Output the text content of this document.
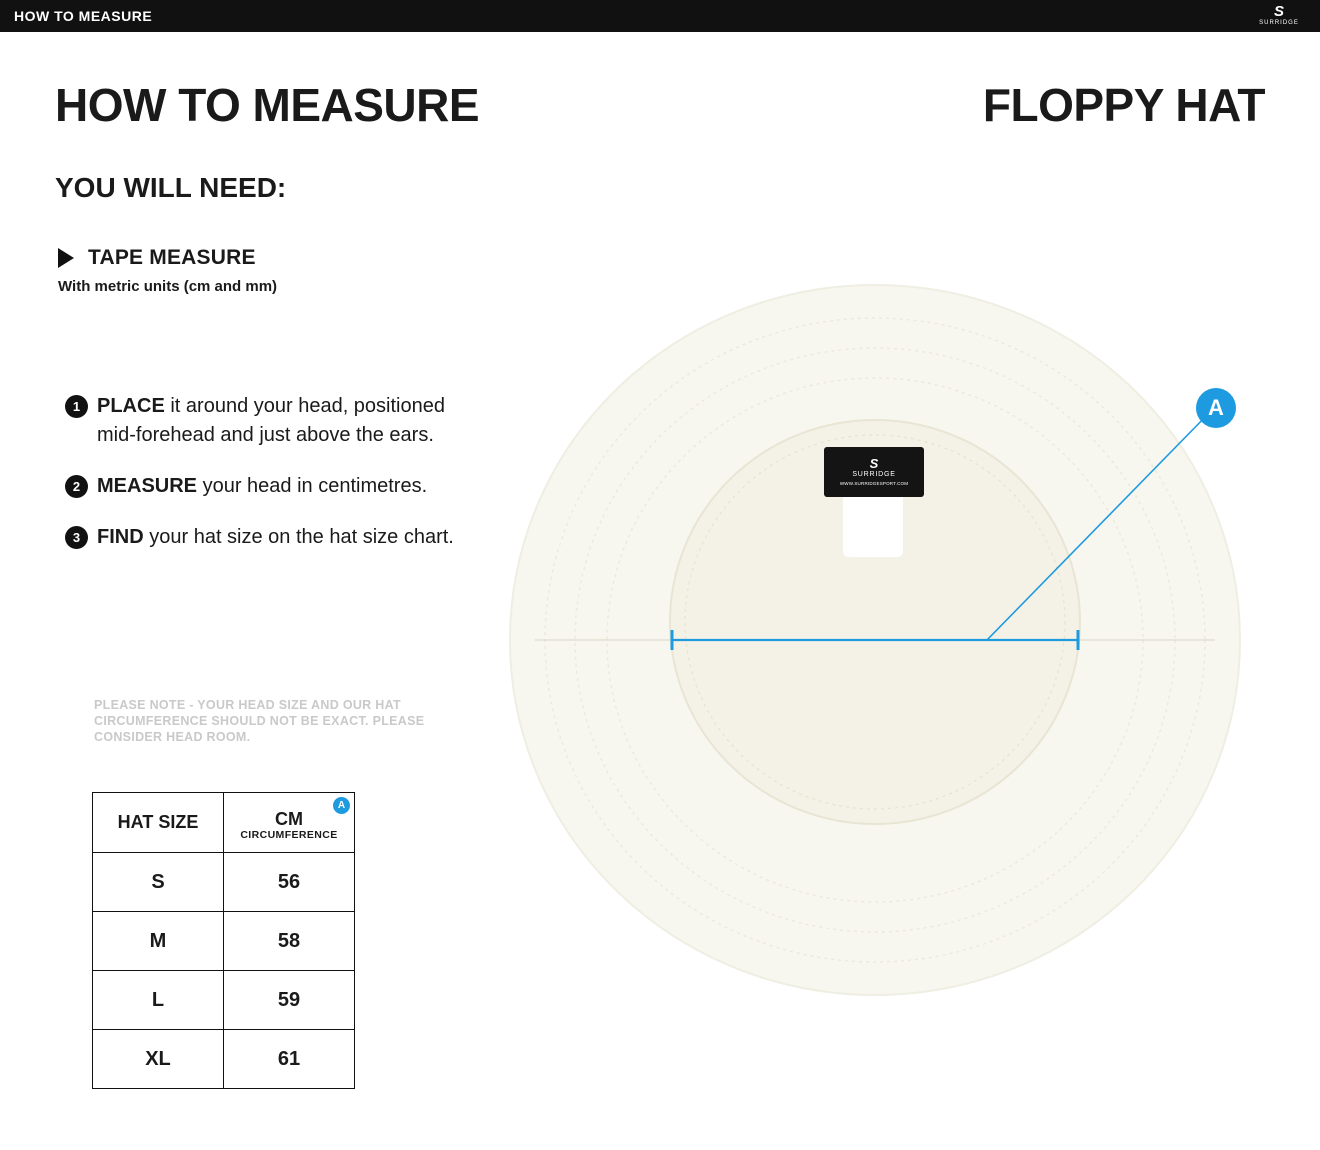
HOW TO MEASURE	S
SURRIDGE
HOW TO MEASURE	FLOPPY HAT
YOU WILL NEED:
TAPE MEASURE
With metric units (cm and mm)
1 PLACE it around your head, positioned mid-forehead and just above the ears.
2 MEASURE your head in centimetres.
3 FIND your hat size on the hat size chart.
PLEASE NOTE - YOUR HEAD SIZE AND OUR HAT CIRCUMFERENCE SHOULD NOT BE EXACT. PLEASE CONSIDER HEAD ROOM.
HAT SIZE	CM
CIRCUMFERENCE
A

S	56
M	58
L	59
XL	61
A
S
SURRIDGE
WWW.SURRIDGESPORT.COM
